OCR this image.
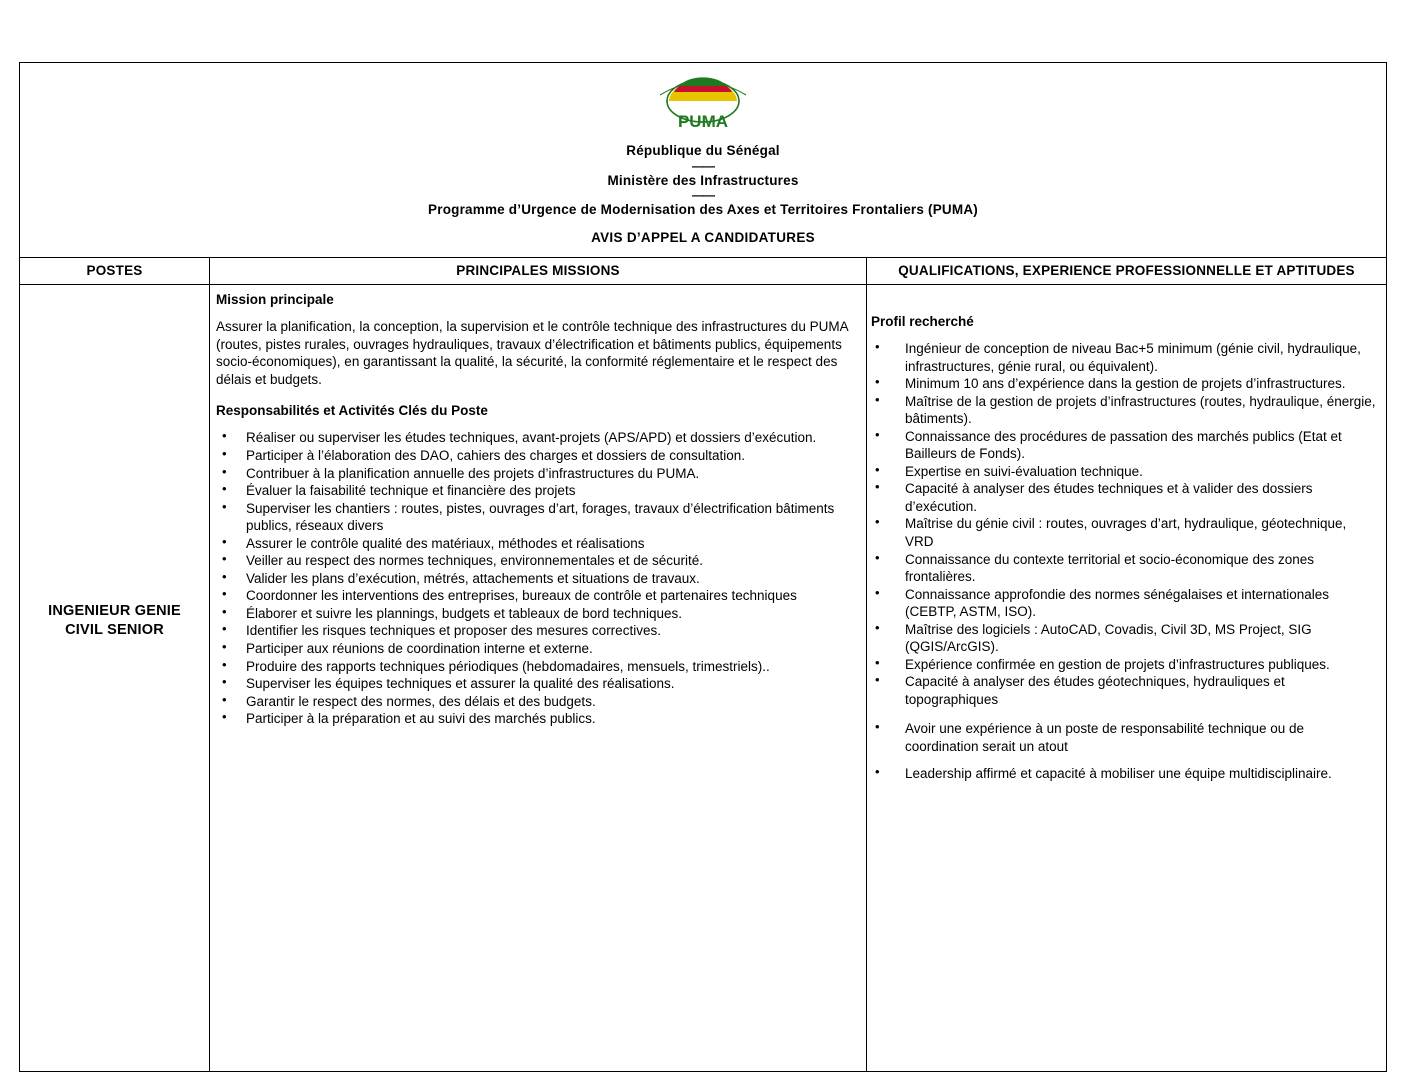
PUMA

République du Sénégal

——

Ministère des Infrastructures

——

Programme d’Urgence de Modernisation des Axes et Territoires Frontaliers (PUMA)

AVIS D’APPEL A CANDIDATURES

POSTES	PRINCIPALES MISSIONS	QUALIFICATIONS, EXPERIENCE PROFESSIONNELLE ET APTITUDES
INGENIEUR GENIE CIVIL SENIOR

Mission principale

Assurer la planification, la conception, la supervision et le contrôle technique des infrastructures du PUMA (routes, pistes rurales, ouvrages hydrauliques, travaux d’électrification et bâtiments publics, équipements socio-économiques), en garantissant la qualité, la sécurité, la conformité réglementaire et le respect des délais et budgets.

Responsabilités et Activités Clés du Poste

• Réaliser ou superviser les études techniques, avant-projets (APS/APD) et dossiers d’exécution.
• Participer à l’élaboration des DAO, cahiers des charges et dossiers de consultation.
• Contribuer à la planification annuelle des projets d’infrastructures du PUMA.
• Évaluer la faisabilité technique et financière des projets
• Superviser les chantiers : routes, pistes, ouvrages d’art, forages, travaux d’électrification bâtiments publics, réseaux divers
• Assurer le contrôle qualité des matériaux, méthodes et réalisations
• Veiller au respect des normes techniques, environnementales et de sécurité.
• Valider les plans d’exécution, métrés, attachements et situations de travaux.
• Coordonner les interventions des entreprises, bureaux de contrôle et partenaires techniques
• Élaborer et suivre les plannings, budgets et tableaux de bord techniques.
• Identifier les risques techniques et proposer des mesures correctives.
• Participer aux réunions de coordination interne et externe.
• Produire des rapports techniques périodiques (hebdomadaires, mensuels, trimestriels)..
• Superviser les équipes techniques et assurer la qualité des réalisations.
• Garantir le respect des normes, des délais et des budgets.
• Participer à la préparation et au suivi des marchés publics.

Profil recherché

• Ingénieur de conception de niveau Bac+5 minimum (génie civil, hydraulique, infrastructures, génie rural, ou équivalent).
• Minimum 10 ans d’expérience dans la gestion de projets d’infrastructures.
• Maîtrise de la gestion de projets d’infrastructures (routes, hydraulique, énergie, bâtiments).
• Connaissance des procédures de passation des marchés publics (Etat et Bailleurs de Fonds).
• Expertise en suivi-évaluation technique.
• Capacité à analyser des études techniques et à valider des dossiers d’exécution.
• Maîtrise du génie civil : routes, ouvrages d’art, hydraulique, géotechnique, VRD
• Connaissance du contexte territorial et socio-économique des zones frontalières.
• Connaissance approfondie des normes sénégalaises et internationales (CEBTP, ASTM, ISO).
• Maîtrise des logiciels : AutoCAD, Covadis, Civil 3D, MS Project, SIG (QGIS/ArcGIS).
• Expérience confirmée en gestion de projets d’infrastructures publiques.
• Capacité à analyser des études géotechniques, hydrauliques et topographiques
• Avoir une expérience à un poste de responsabilité technique ou de coordination serait un atout
• Leadership affirmé et capacité à mobiliser une équipe multidisciplinaire.
